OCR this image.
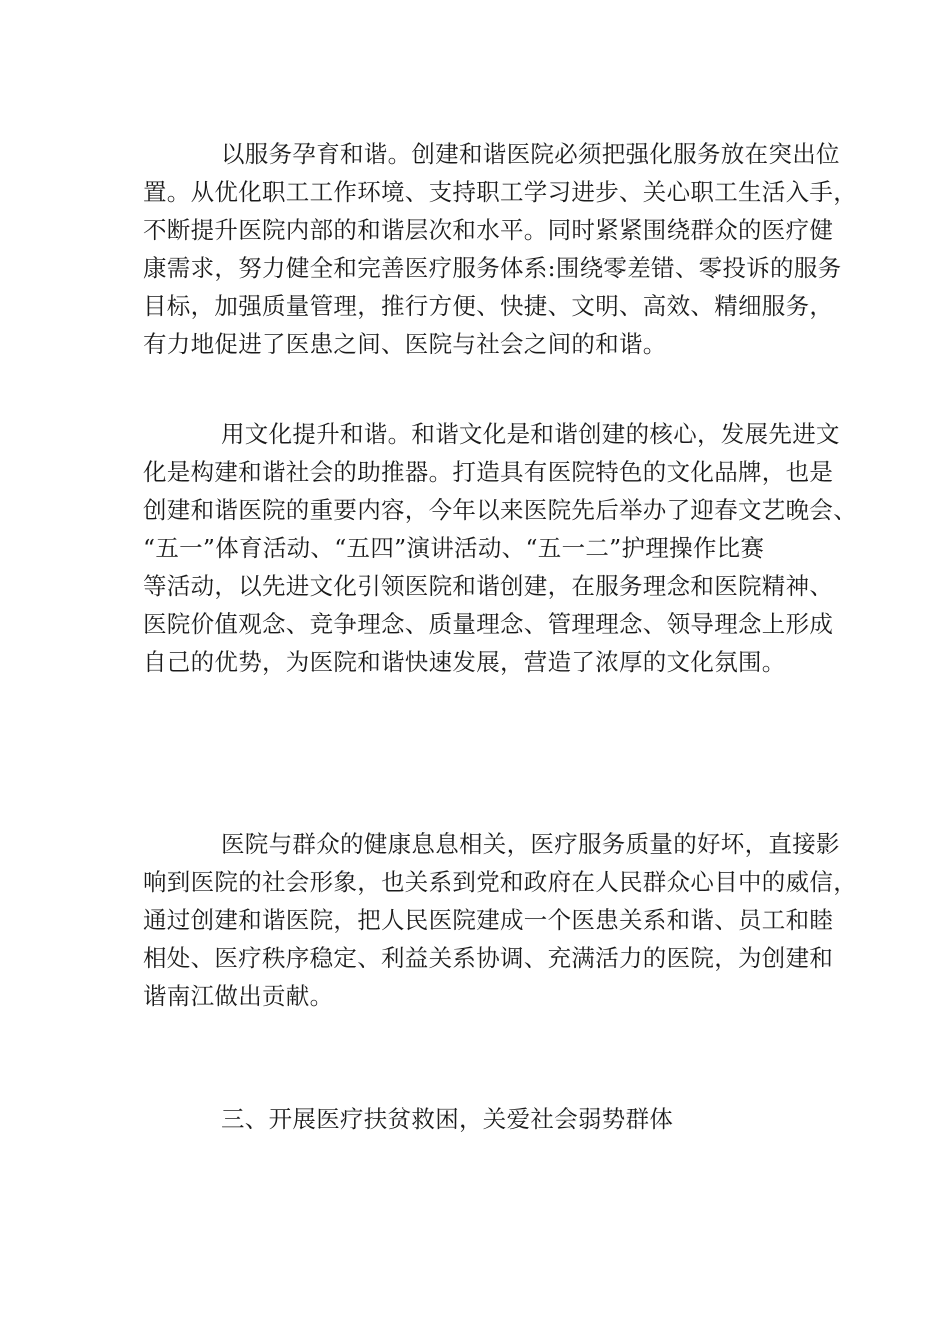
以服务孕育和谐。创建和谐医院必须把强化服务放在突出位
置。从优化职工工作环境、支持职工学习进步、关心职工生活入手，
不断提升医院内部的和谐层次和水平。同时紧紧围绕群众的医疗健
康需求，努力健全和完善医疗服务体系:围绕零差错、零投诉的服务
目标，加强质量管理，推行方便、快捷、文明、高效、精细服务，
有力地促进了医患之间、医院与社会之间的和谐。
用文化提升和谐。和谐文化是和谐创建的核心，发展先进文
化是构建和谐社会的助推器。打造具有医院特色的文化品牌，也是
创建和谐医院的重要内容，今年以来医院先后举办了迎春文艺晚会、
“五一”体育活动、“五四”演讲活动、“五一二”护理操作比赛
等活动，以先进文化引领医院和谐创建，在服务理念和医院精神、
医院价值观念、竞争理念、质量理念、管理理念、领导理念上形成
自己的优势，为医院和谐快速发展，营造了浓厚的文化氛围。
医院与群众的健康息息相关，医疗服务质量的好坏，直接影
响到医院的社会形象，也关系到党和政府在人民群众心目中的威信，
通过创建和谐医院，把人民医院建成一个医患关系和谐、员工和睦
相处、医疗秩序稳定、利益关系协调、充满活力的医院，为创建和
谐南江做出贡献。
三、开展医疗扶贫救困，关爱社会弱势群体
